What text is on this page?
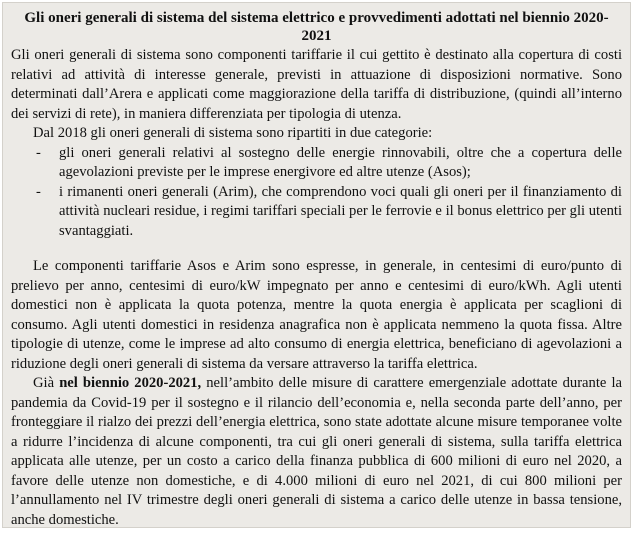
Gli oneri generali di sistema del sistema elettrico e provvedimenti adottati nel biennio 2020-2021

Gli oneri generali di sistema sono componenti tariffarie il cui gettito è destinato alla copertura di costi relativi ad attività di interesse generale, previsti in attuazione di disposizioni normative. Sono determinati dall’Arera e applicati come maggiorazione della tariffa di distribuzione, (quindi all’interno dei servizi di rete), in maniera differenziata per tipologia di utenza.

Dal 2018 gli oneri generali di sistema sono ripartiti in due categorie:

- gli oneri generali relativi al sostegno delle energie rinnovabili, oltre che a copertura delle agevolazioni previste per le imprese energivore ed altre utenze (Asos);
- i rimanenti oneri generali (Arim), che comprendono voci quali gli oneri per il finanziamento di attività nucleari residue, i regimi tariffari speciali per le ferrovie e il bonus elettrico per gli utenti svantaggiati.

Le componenti tariffarie Asos e Arim sono espresse, in generale, in centesimi di euro/punto di prelievo per anno, centesimi di euro/kW impegnato per anno e centesimi di euro/kWh. Agli utenti domestici non è applicata la quota potenza, mentre la quota energia è applicata per scaglioni di consumo. Agli utenti domestici in residenza anagrafica non è applicata nemmeno la quota fissa. Altre tipologie di utenze, come le imprese ad alto consumo di energia elettrica, beneficiano di agevolazioni a riduzione degli oneri generali di sistema da versare attraverso la tariffa elettrica.

Già nel biennio 2020-2021, nell’ambito delle misure di carattere emergenziale adottate durante la pandemia da Covid-19 per il sostegno e il rilancio dell’economia e, nella seconda parte dell’anno, per fronteggiare il rialzo dei prezzi dell’energia elettrica, sono state adottate alcune misure temporanee volte a ridurre l’incidenza di alcune componenti, tra cui gli oneri generali di sistema, sulla tariffa elettrica applicata alle utenze, per un costo a carico della finanza pubblica di 600 milioni di euro nel 2020, a favore delle utenze non domestiche, e di 4.000 milioni di euro nel 2021, di cui 800 milioni per l’annullamento nel IV trimestre degli oneri generali di sistema a carico delle utenze in bassa tensione, anche domestiche.
